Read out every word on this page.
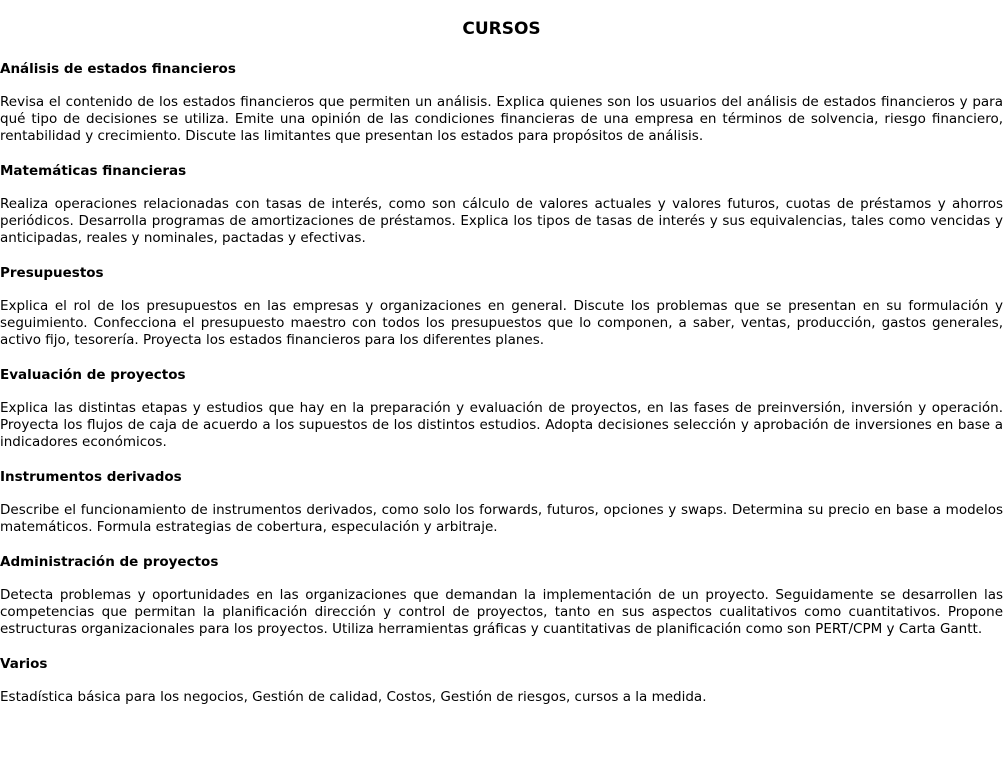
CURSOS
Análisis de estados financieros

Revisa el contenido de los estados financieros que permiten un análisis. Explica quienes son los usuarios del análisis de estados financieros y para qué tipo de decisiones se utiliza. Emite una opinión de las condiciones financieras de una empresa en términos de solvencia, riesgo financiero, rentabilidad y crecimiento. Discute las limitantes que presentan los estados para propósitos de análisis.

Matemáticas financieras

Realiza operaciones relacionadas con tasas de interés, como son cálculo de valores actuales y valores futuros, cuotas de préstamos y ahorros periódicos. Desarrolla programas de amortizaciones de préstamos. Explica los tipos de tasas de interés y sus equivalencias, tales como vencidas y anticipadas, reales y nominales, pactadas y efectivas.

Presupuestos

Explica el rol de los presupuestos en las empresas y organizaciones en general. Discute los problemas que se presentan en su formulación y seguimiento. Confecciona el presupuesto maestro con todos los presupuestos que lo componen, a saber, ventas, producción, gastos generales, activo fijo, tesorería. Proyecta los estados financieros para los diferentes planes.

Evaluación de proyectos

Explica las distintas etapas y estudios que hay en la preparación y evaluación de proyectos, en las fases de preinversión, inversión y operación. Proyecta los flujos de caja de acuerdo a los supuestos de los distintos estudios. Adopta decisiones selección y aprobación de inversiones en base a indicadores económicos.

Instrumentos derivados

Describe el funcionamiento de instrumentos derivados, como solo los forwards, futuros, opciones y swaps. Determina su precio en base a modelos matemáticos. Formula estrategias de cobertura, especulación y arbitraje.

Administración de proyectos

Detecta problemas y oportunidades en las organizaciones que demandan la implementación de un proyecto. Seguidamente se desarrollen las competencias que permitan la planificación dirección y control de proyectos, tanto en sus aspectos cualitativos como cuantitativos. Propone estructuras organizacionales para los proyectos. Utiliza herramientas gráficas y cuantitativas de planificación como son PERT/CPM y Carta Gantt.

Varios

Estadística básica para los negocios, Gestión de calidad, Costos, Gestión de riesgos, cursos a la medida.
